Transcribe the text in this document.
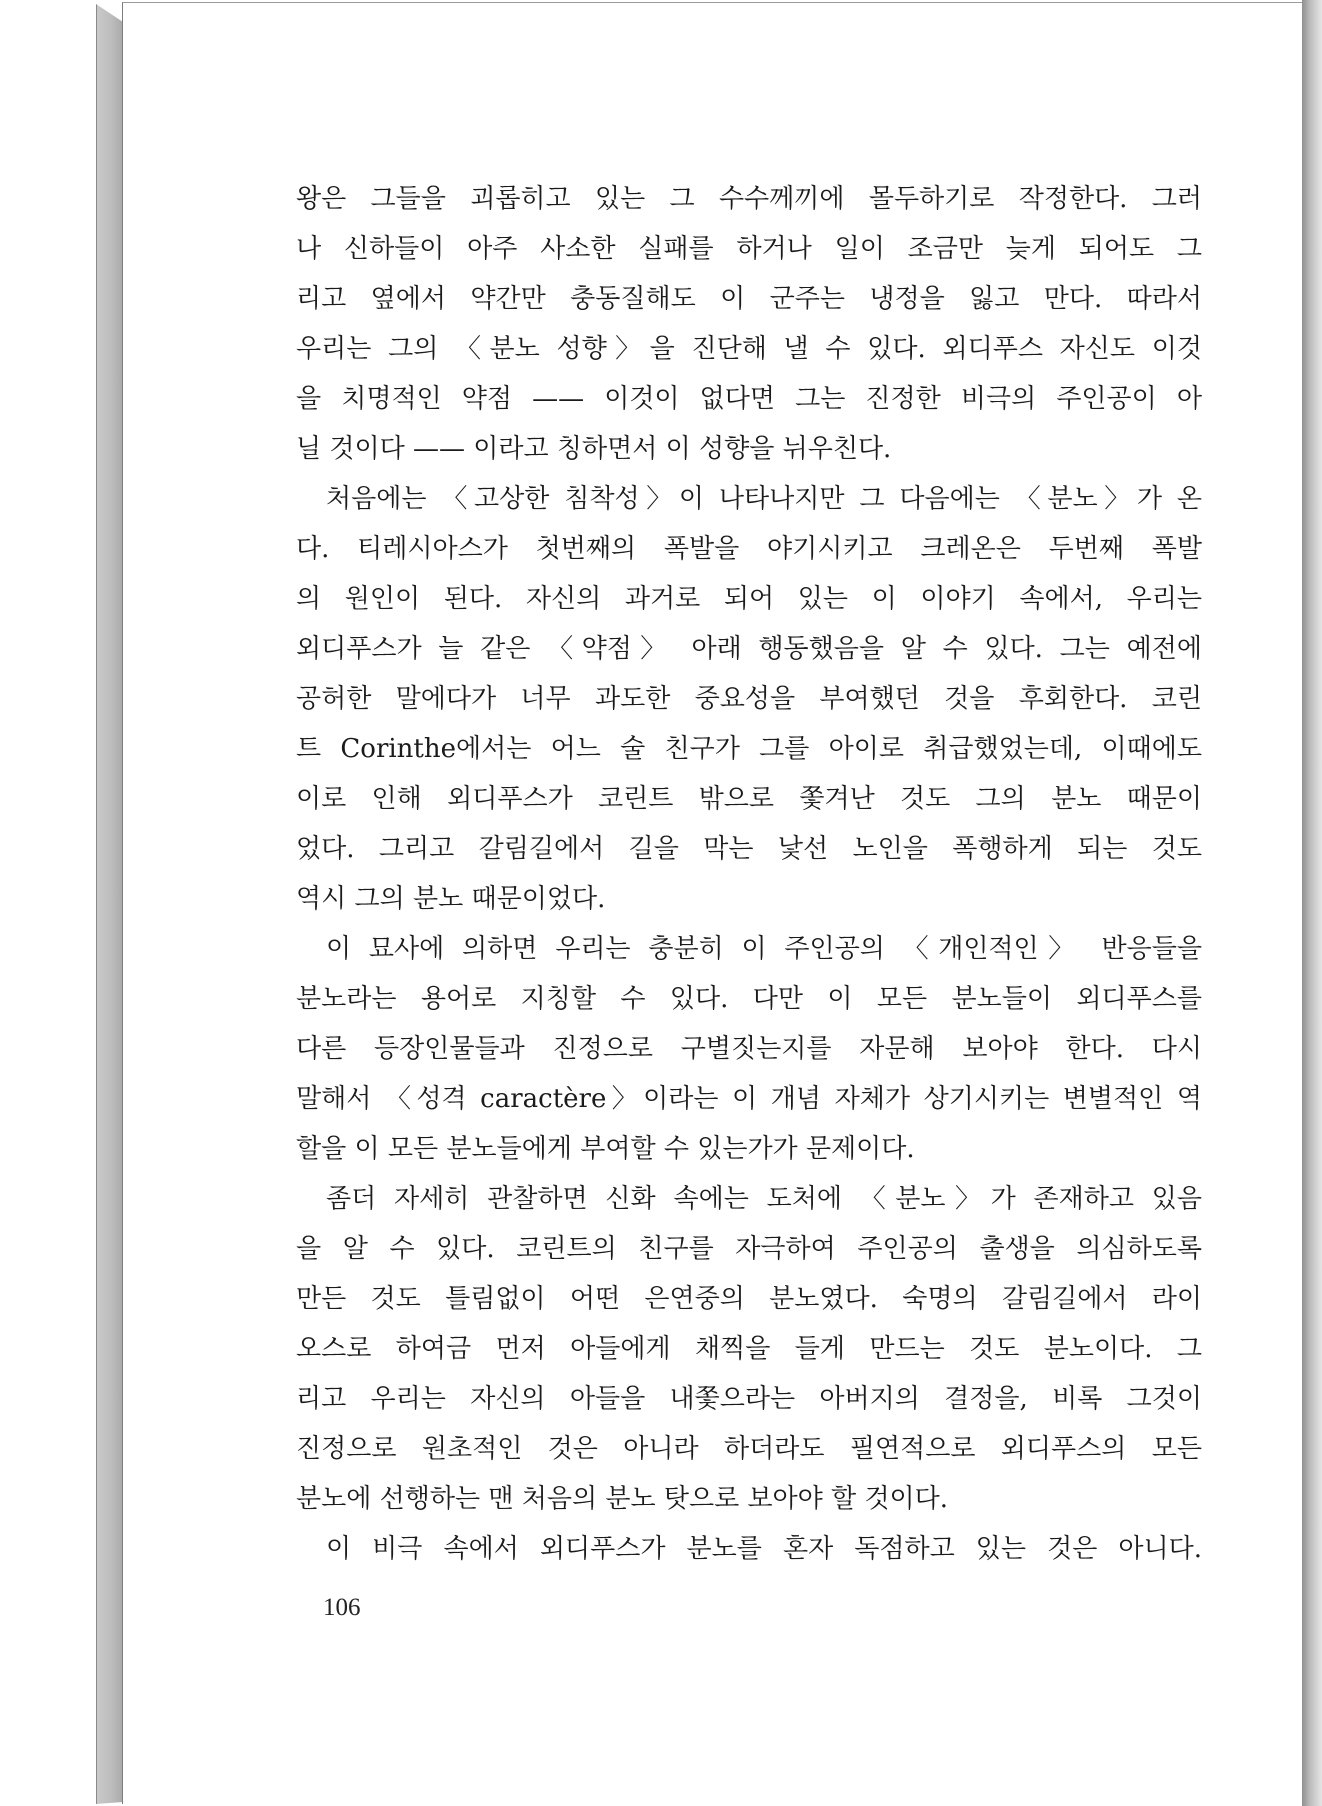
왕은 그들을 괴롭히고 있는 그 수수께끼에 몰두하기로 작정한다. 그러
나 신하들이 아주 사소한 실패를 하거나 일이 조금만 늦게 되어도 그
리고 옆에서 약간만 충동질해도 이 군주는 냉정을 잃고 만다. 따라서
우리는 그의 〈분노 성향〉을 진단해 낼 수 있다. 외디푸스 자신도 이것
을 치명적인 약점 —— 이것이 없다면 그는 진정한 비극의 주인공이 아
닐 것이다 —— 이라고 칭하면서 이 성향을 뉘우친다.
처음에는 〈고상한 침착성〉이 나타나지만 그 다음에는 〈분노〉가 온
다. 티레시아스가 첫번째의 폭발을 야기시키고 크레온은 두번째 폭발
의 원인이 된다. 자신의 과거로 되어 있는 이 이야기 속에서, 우리는
외디푸스가 늘 같은 〈약점〉 아래 행동했음을 알 수 있다. 그는 예전에
공허한 말에다가 너무 과도한 중요성을 부여했던 것을 후회한다. 코린
트 Corinthe에서는 어느 술 친구가 그를 아이로 취급했었는데, 이때에도
이로 인해 외디푸스가 코린트 밖으로 쫓겨난 것도 그의 분노 때문이
었다. 그리고 갈림길에서 길을 막는 낯선 노인을 폭행하게 되는 것도
역시 그의 분노 때문이었다.
이 묘사에 의하면 우리는 충분히 이 주인공의 〈개인적인〉 반응들을
분노라는 용어로 지칭할 수 있다. 다만 이 모든 분노들이 외디푸스를
다른 등장인물들과 진정으로 구별짓는지를 자문해 보아야 한다. 다시
말해서 〈성격 caractère〉이라는 이 개념 자체가 상기시키는 변별적인 역
할을 이 모든 분노들에게 부여할 수 있는가가 문제이다.
좀더 자세히 관찰하면 신화 속에는 도처에 〈분노〉가 존재하고 있음
을 알 수 있다. 코린트의 친구를 자극하여 주인공의 출생을 의심하도록
만든 것도 틀림없이 어떤 은연중의 분노였다. 숙명의 갈림길에서 라이
오스로 하여금 먼저 아들에게 채찍을 들게 만드는 것도 분노이다. 그
리고 우리는 자신의 아들을 내쫓으라는 아버지의 결정을, 비록 그것이
진정으로 원초적인 것은 아니라 하더라도 필연적으로 외디푸스의 모든
분노에 선행하는 맨 처음의 분노 탓으로 보아야 할 것이다.
이 비극 속에서 외디푸스가 분노를 혼자 독점하고 있는 것은 아니다.
106
